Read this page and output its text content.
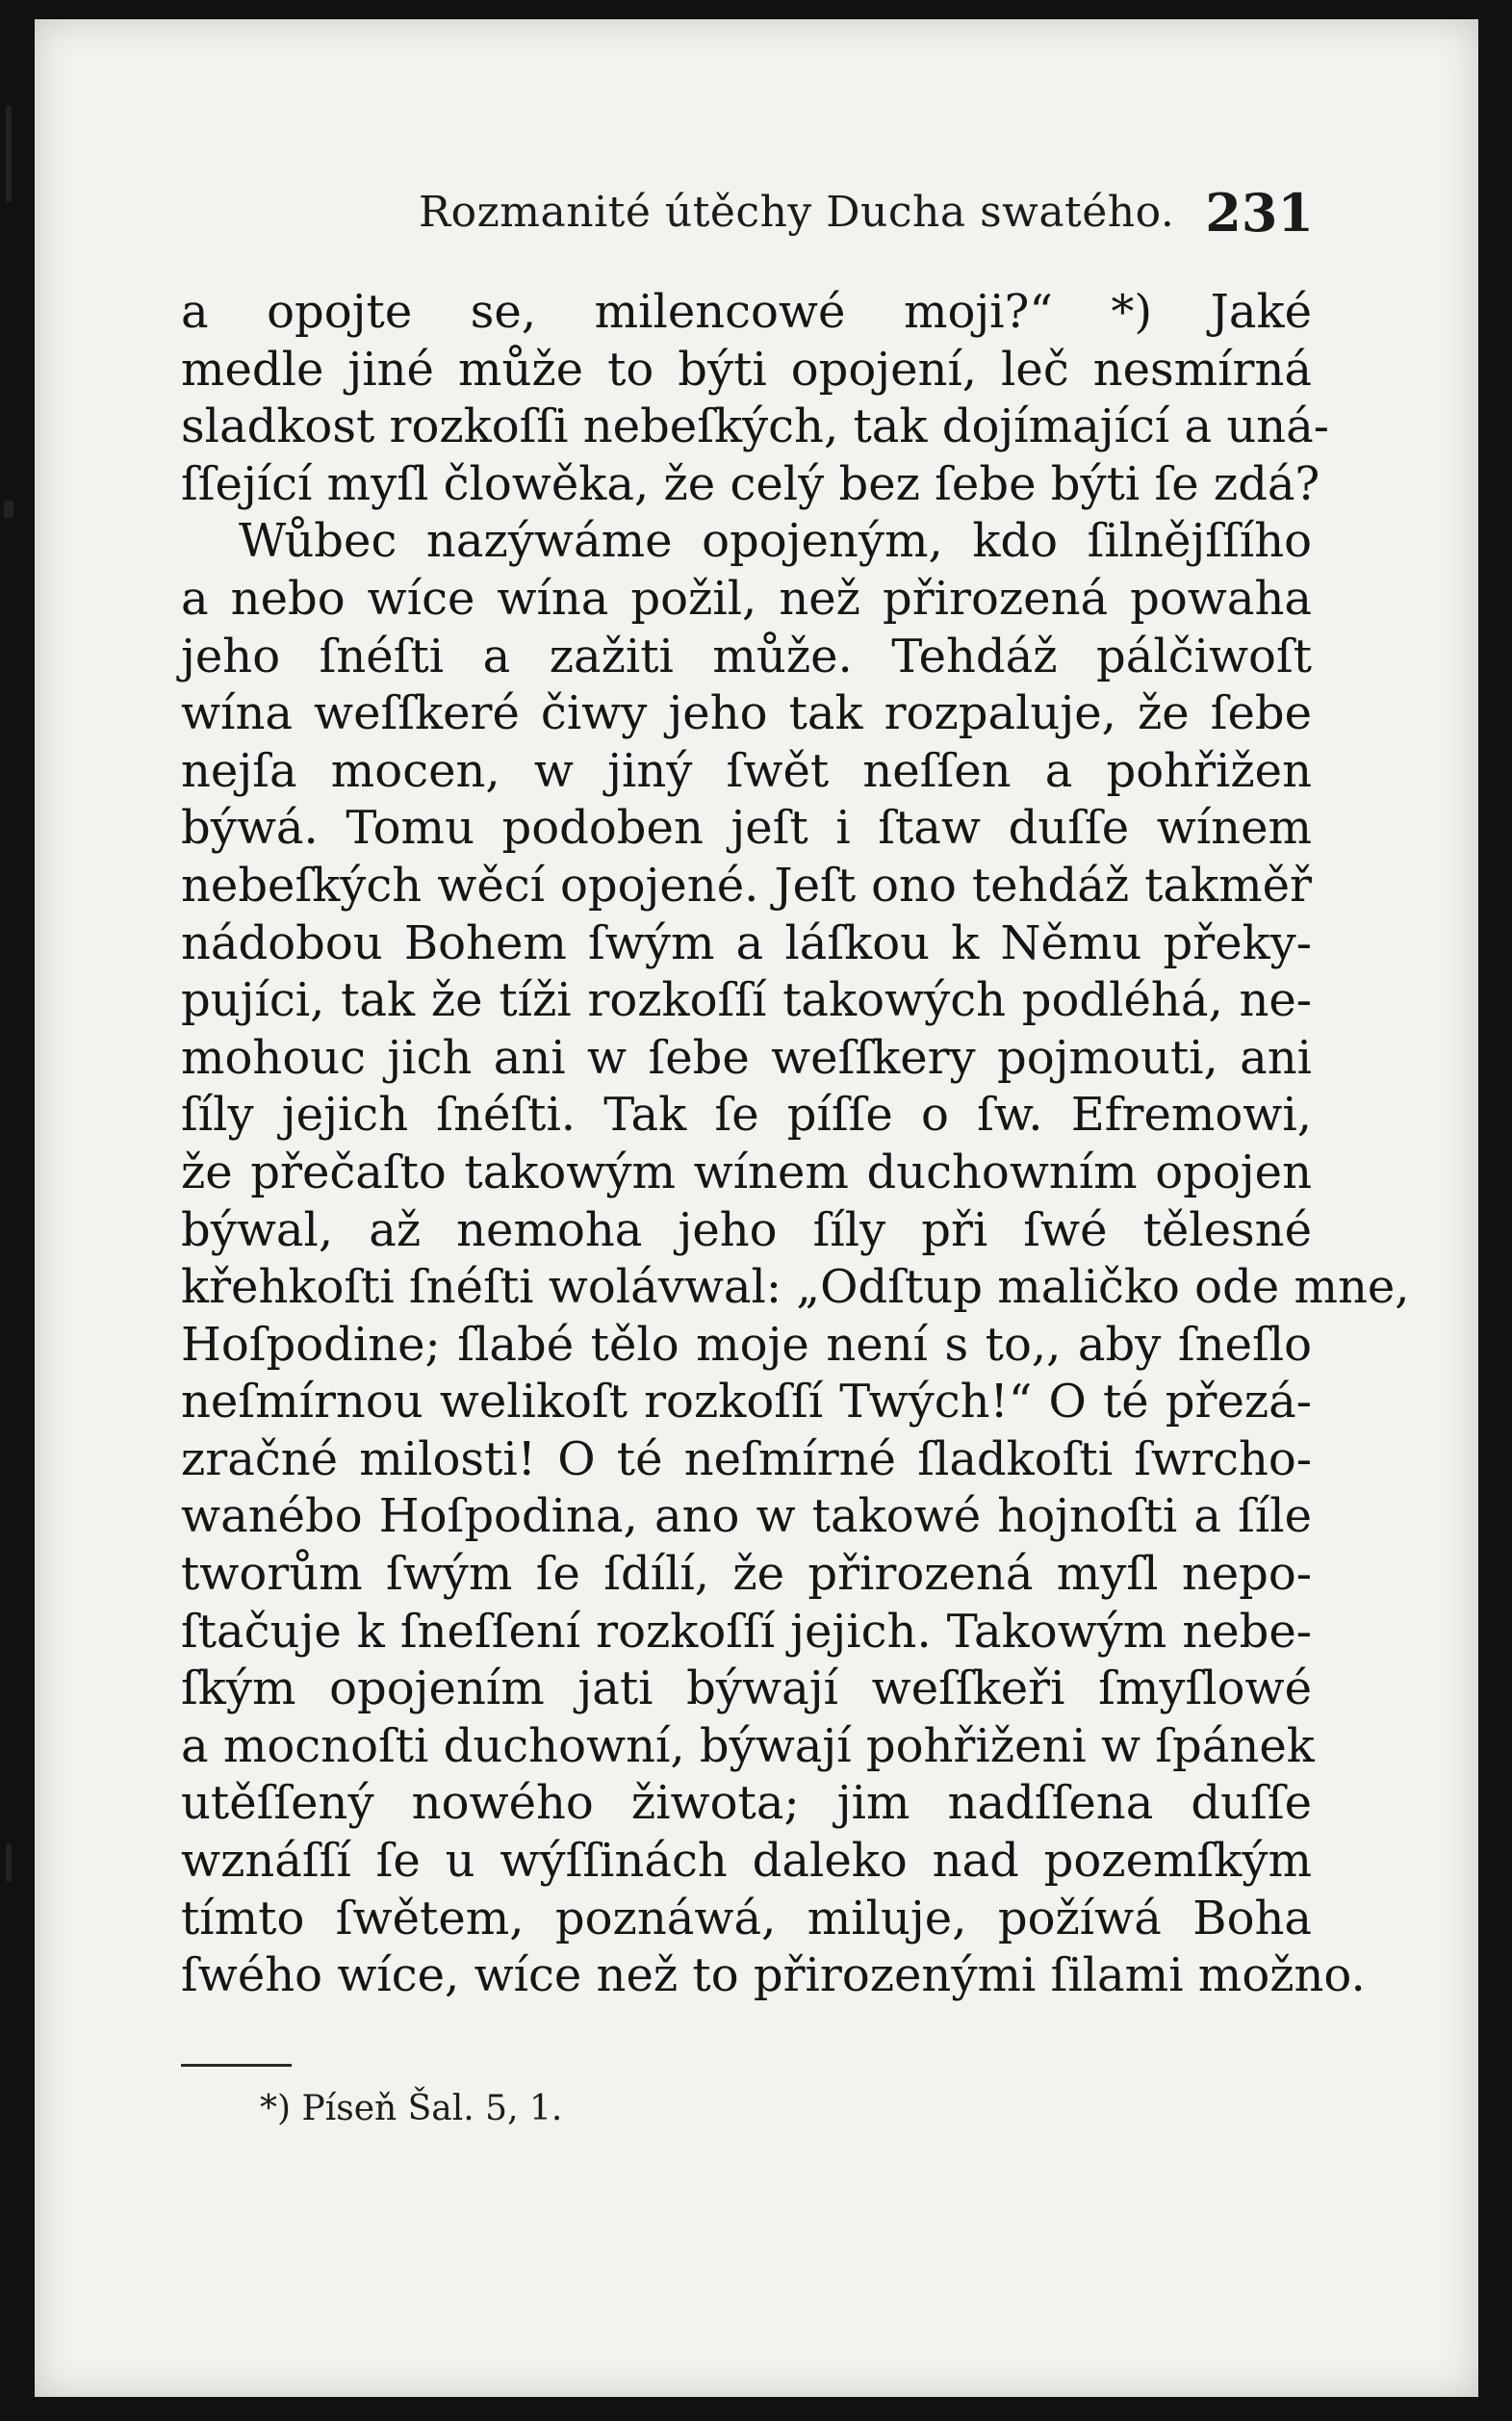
Rozmanité útěchy Ducha swatého. 231
a opojte se, milencowé moji?“ *) Jaké
medle jiné může to býti opojení, leč nesmírná
sladkost rozkoſſi nebeſkých, tak dojímající a uná-
ſſející myſl člowěka, že celý bez ſebe býti ſe zdá?
Wůbec nazýwáme opojeným, kdo ſilnějſſího
a nebo wíce wína požil, než přirozená powaha
jeho ſnéſti a zažiti může. Tehdáž pálčiwoſt
wína weſſkeré čiwy jeho tak rozpaluje, že ſebe
nejſa mocen, w jiný ſwět neſſen a pohřižen
býwá. Tomu podoben jeſt i ſtaw duſſe wínem
nebeſkých wěcí opojené. Jeſt ono tehdáž takměř
nádobou Bohem ſwým a láſkou k Němu překy-
pujíci, tak že tíži rozkoſſí takowých podléhá, ne-
mohouc jich ani w ſebe weſſkery pojmouti, ani
ſíly jejich ſnéſti. Tak ſe píſſe o ſw. Efremowi,
že přečaſto takowým wínem duchowním opojen
býwal, až nemoha jeho ſíly při ſwé tělesné
křehkoſti ſnéſti wolávwal: „Odſtup maličko ode mne,
Hoſpodine; ſlabé tělo moje není s to,, aby ſneſlo
neſmírnou welikoſt rozkoſſí Twých!“ O té přezá-
zračné milosti! O té neſmírné ſladkoſti ſwrcho-
wanébo Hoſpodina, ano w takowé hojnoſti a ſíle
tworům ſwým ſe ſdílí, že přirozená myſl nepo-
ſtačuje k ſneſſení rozkoſſí jejich. Takowým nebe-
ſkým opojením jati býwají weſſkeři ſmyſlowé
a mocnoſti duchowní, býwají pohřiženi w ſpánek
utěſſený nowého žiwota; jim nadſſena duſſe
wznáſſí ſe u wýſſinách daleko nad pozemſkým
tímto ſwětem, poznáwá, miluje, požíwá Boha
ſwého wíce, wíce než to přirozenými ſilami možno.
*) Píseň Šal. 5, 1.
